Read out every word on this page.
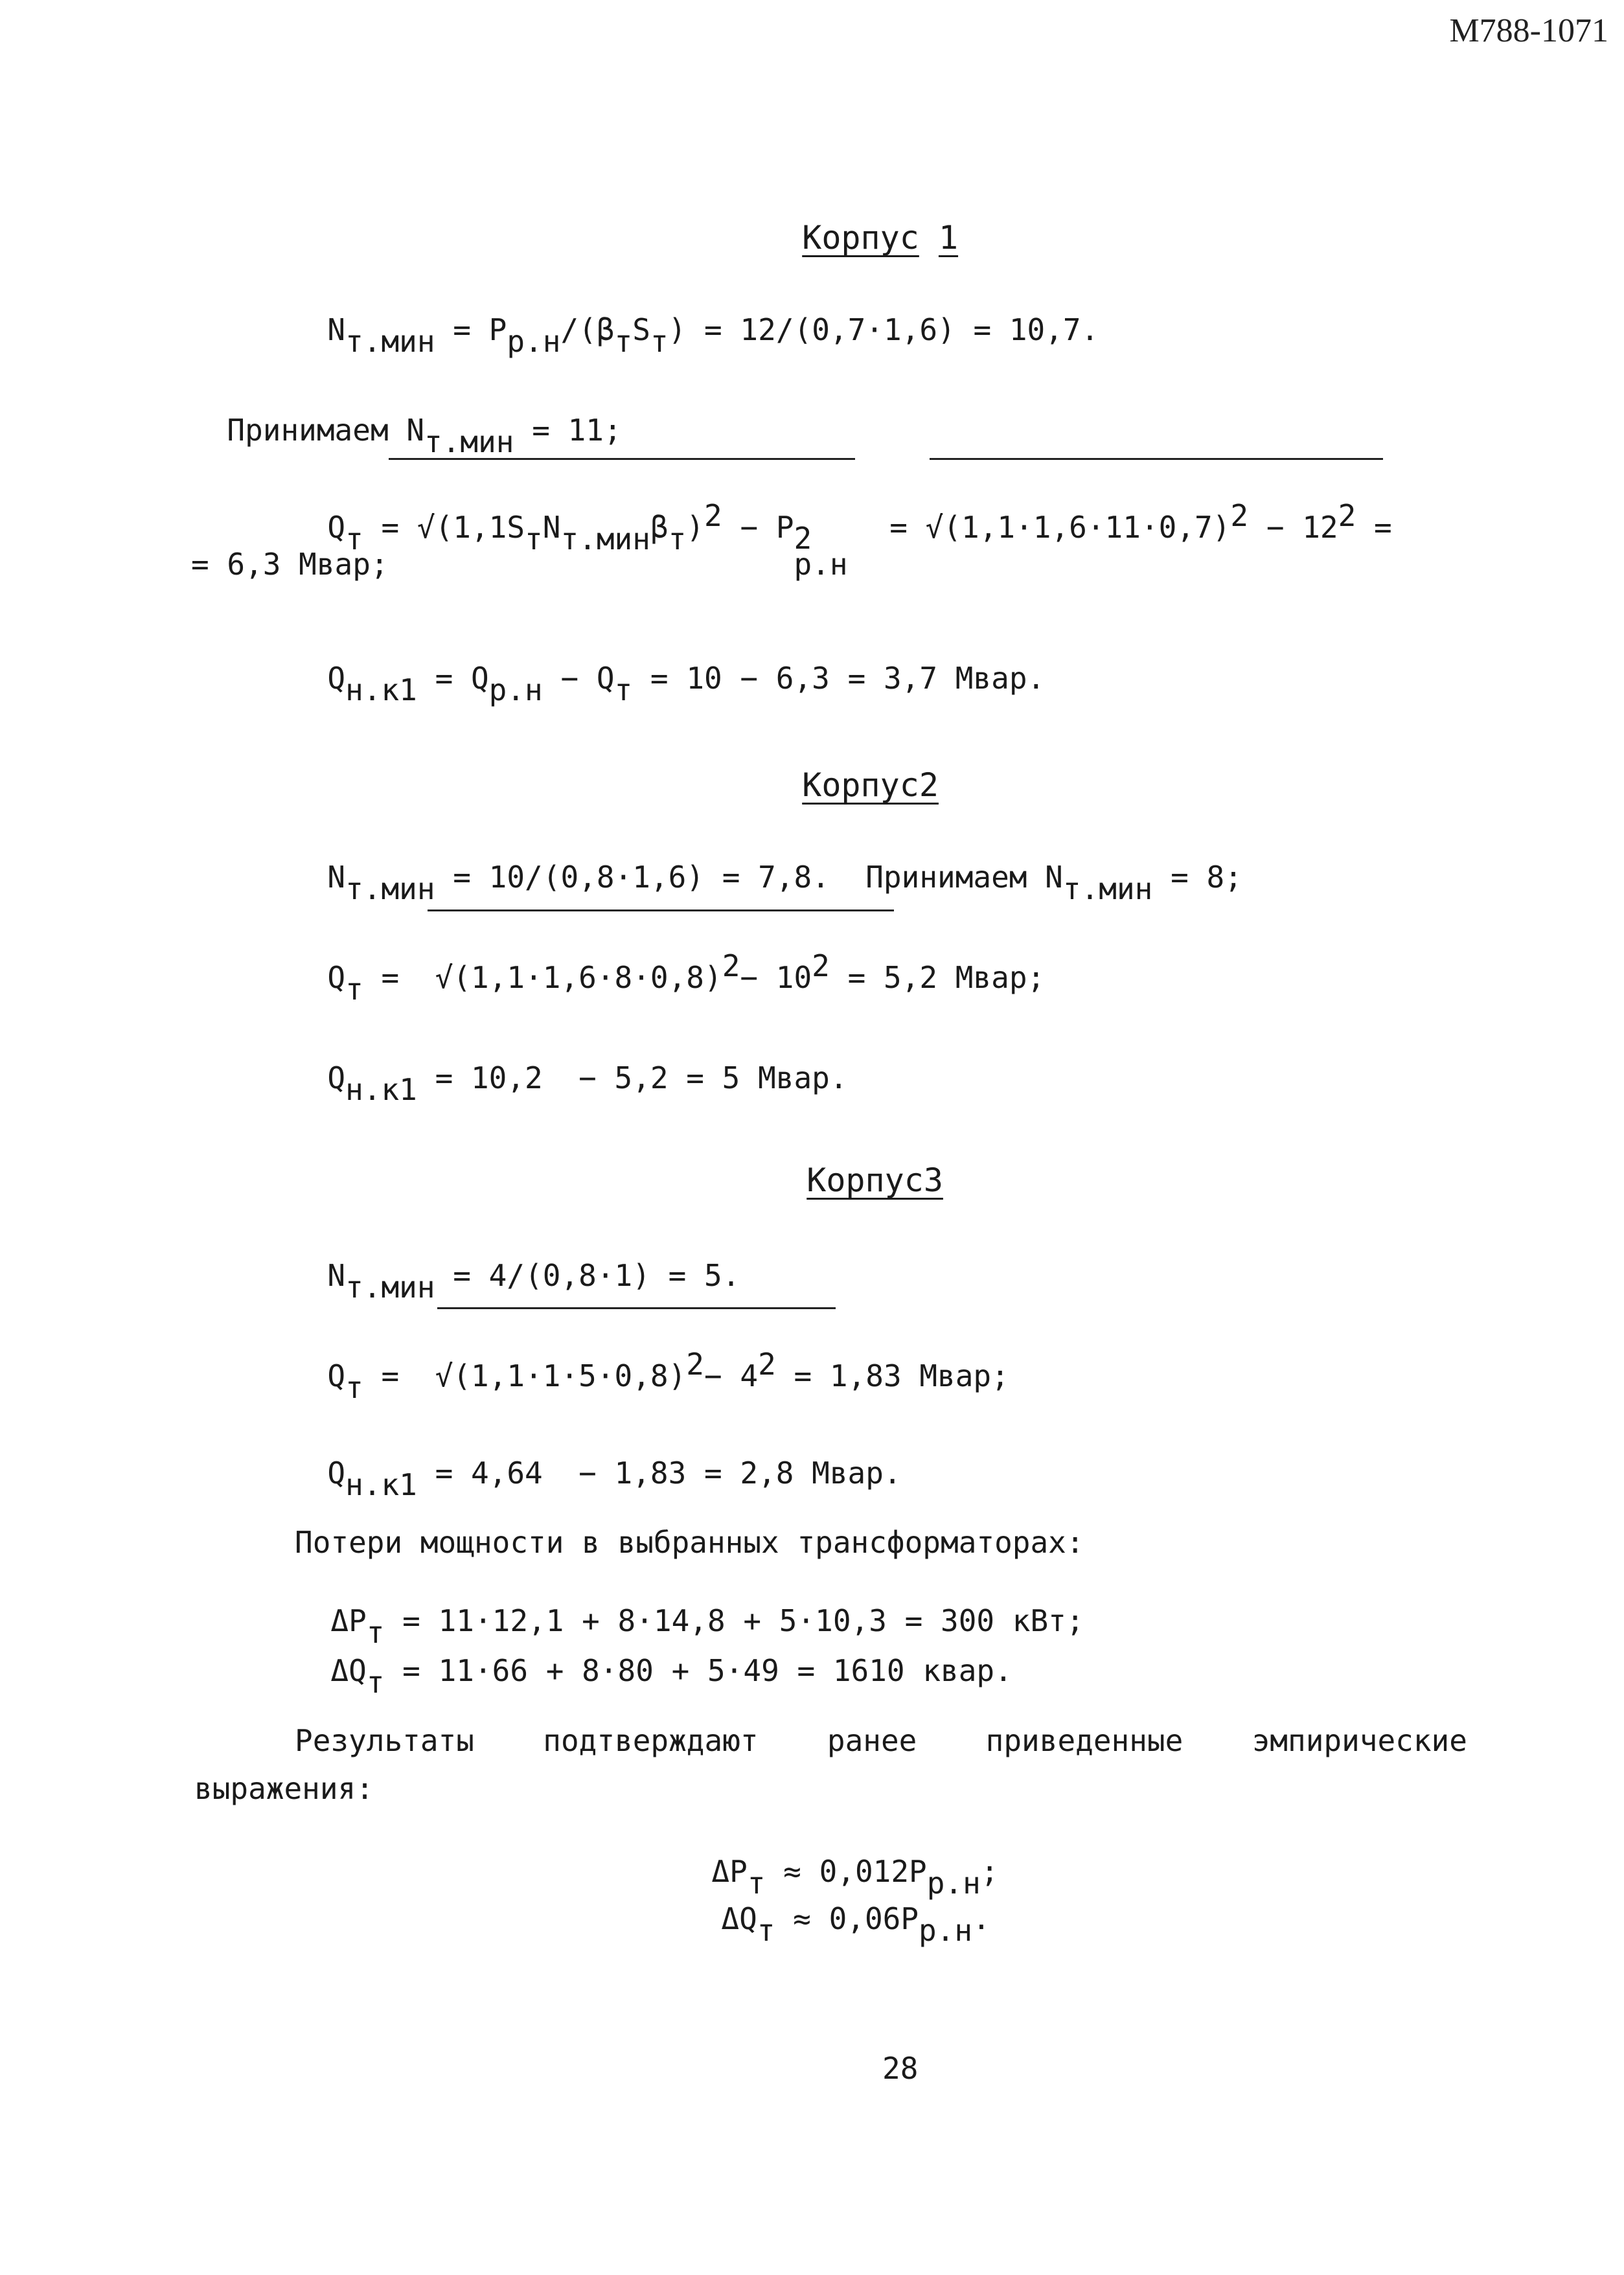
М788-1071

Корпус 1

Nт.мин = Pр.н/(βтSт) = 12/(0,7·1,6) = 10,7.

Принимаем Nт.мин = 11;

Qт = √(1,1SтNт.минβт)2 − P 2
р.н
= √(1,1·1,6·11·0,7)2 − 122 =

= 6,3 Мвар;

Qн.к1 = Qр.н − Qт = 10 − 6,3 = 3,7 Мвар.

Корпус2

Nт.мин = 10/(0,8·1,6) = 7,8.  Принимаем Nт.мин = 8;

Qт =  √(1,1·1,6·8·0,8)2− 102 = 5,2 Мвар;

Qн.к1 = 10,2  − 5,2 = 5 Мвар.

Корпус3

Nт.мин = 4/(0,8·1) = 5.

Qт =  √(1,1·1·5·0,8)2− 42 = 1,83 Мвар;

Qн.к1 = 4,64  − 1,83 = 2,8 Мвар.

Потери мощности в выбранных трансформаторах:

ΔPт = 11·12,1 + 8·14,8 + 5·10,3 = 300 кВт;

ΔQт = 11·66 + 8·80 + 5·49 = 1610 квар.

Результаты подтверждают ранее приведенные эмпирические
выражения:

ΔPт ≈ 0,012Pр.н;

ΔQт ≈ 0,06Pр.н.

28
